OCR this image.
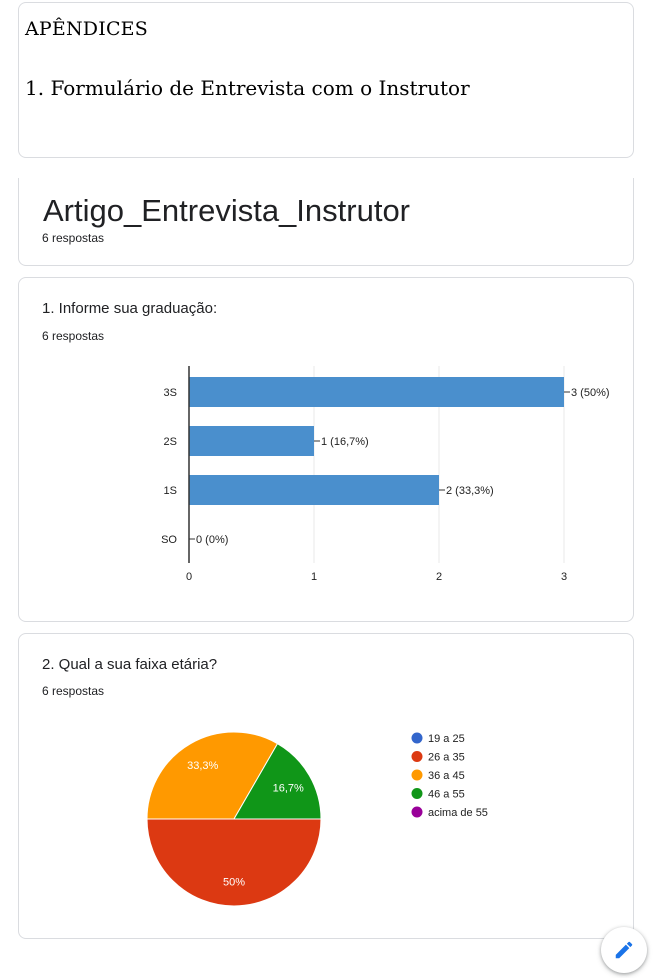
APÊNDICES
1. Formulário de Entrevista com o Instrutor
Artigo_Entrevista_Instrutor
6 respostas
1. Informe sua graduação:
6 respostas
3S
2S
1S
SO
0	1	2	3
3 (50%)
1 (16,7%)
2 (33,3%)
0 (0%)
2. Qual a sua faixa etária?
6 respostas
50%
33,3%
16,7%
19 a 25
26 a 35
36 a 45
46 a 55
acima de 55
